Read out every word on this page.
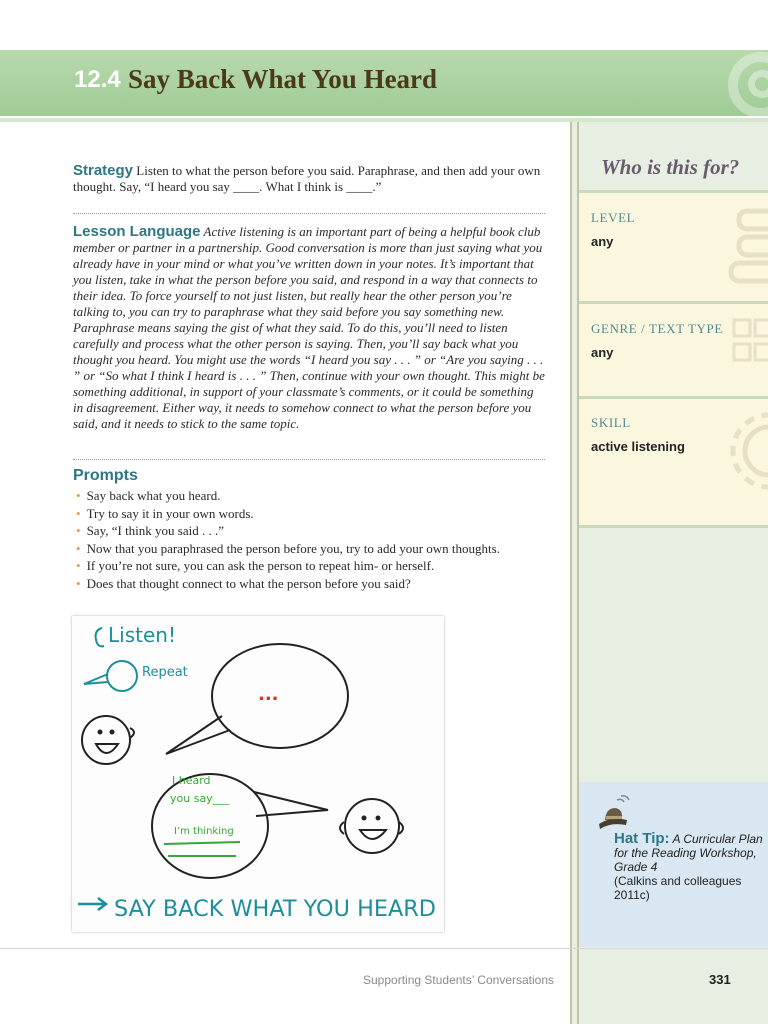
12.4 Say Back What You Heard
Who is this for?
LEVEL
any
GENRE / TEXT TYPE
any
SKILL
active listening
Hat Tip: A Curricular Plan for the Reading Workshop, Grade 4
(Calkins and colleagues 2011c)
Strategy Listen to what the person before you said. Paraphrase, and then add your own thought. Say, “I heard you say ____. What I think is ____.”
Lesson Language Active listening is an important part of being a helpful book club member or partner in a partnership. Good conversation is more than just saying what you already have in your mind or what you’ve written down in your notes. It’s important that you listen, take in what the person before you said, and respond in a way that connects to their idea. To force yourself to not just listen, but really hear the other person you’re talking to, you can try to paraphrase what they said before you say something new. Paraphrase means saying the gist of what they said. To do this, you’ll need to listen carefully and process what the other person is saying. Then, you’ll say back what you thought you heard. You might use the words “I heard you say . . . ” or “Are you saying . . . ” or “So what I think I heard is . . . ” Then, continue with your own thought. This might be something additional, in support of your classmate’s comments, or it could be something in disagreement. Either way, it needs to somehow connect to what the person before you said, and it needs to stick to the same topic.
Prompts
• Say back what you heard.
• Try to say it in your own words.
• Say, “I think you said . . .”
• Now that you paraphrased the person before you, try to add your own thoughts.
• If you’re not sure, you can ask the person to repeat him- or herself.
• Does that thought connect to what the person before you said?
Listen!
Repeat
...
I heard
you say___
I’m thinking
SAY BACK WHAT YOU HEARD
Supporting Students’ Conversations	331
